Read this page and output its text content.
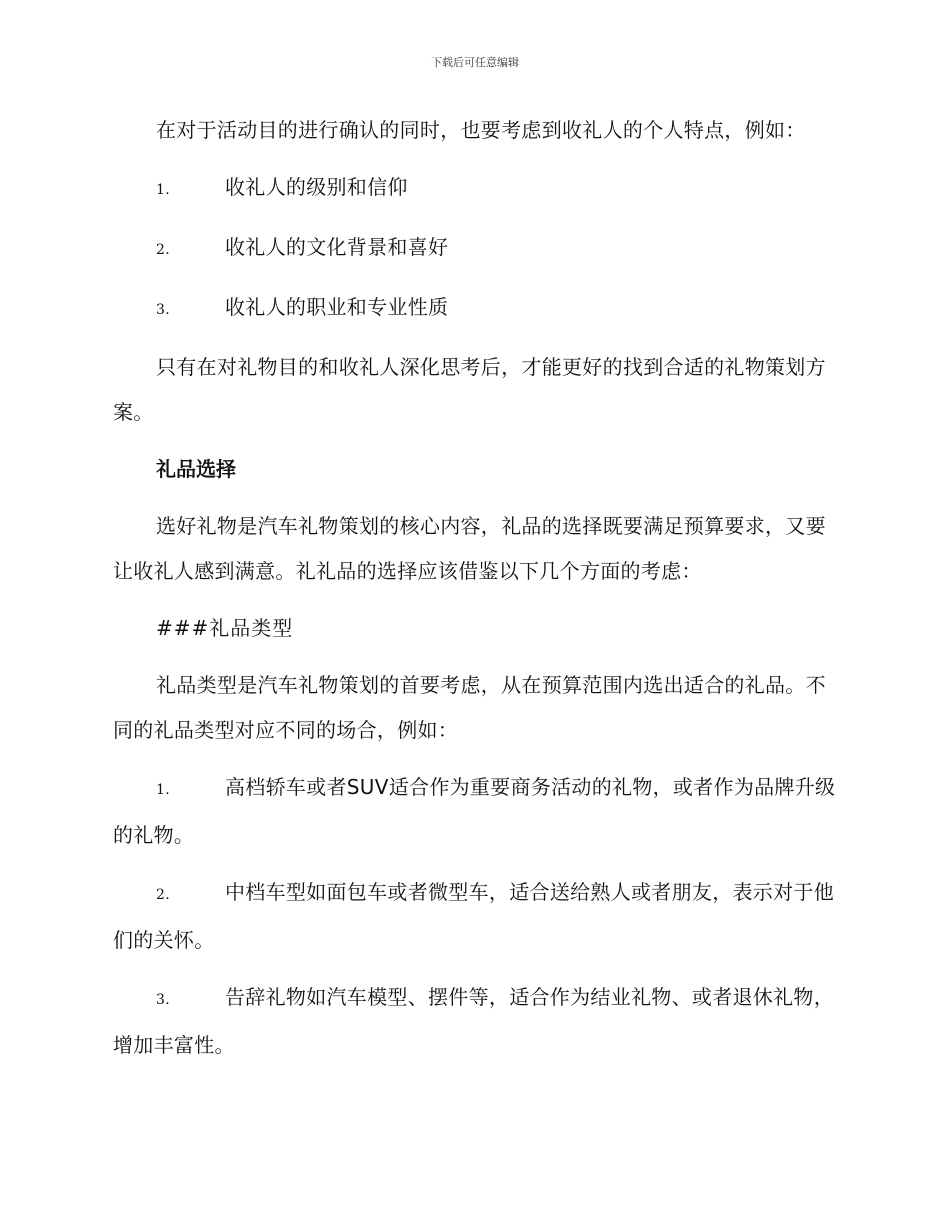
下载后可任意编辑

在对于活动目的进行确认的同时，也要考虑到收礼人的个人特点，例如：

1.	收礼人的级别和信仰
2.	收礼人的文化背景和喜好
3.	收礼人的职业和专业性质

只有在对礼物目的和收礼人深化思考后，才能更好的找到合适的礼物策划方案。

礼品选择

选好礼物是汽车礼物策划的核心内容，礼品的选择既要满足预算要求，又要让收礼人感到满意。礼礼品的选择应该借鉴以下几个方面的考虑：

###礼品类型

礼品类型是汽车礼物策划的首要考虑，从在预算范围内选出适合的礼品。不同的礼品类型对应不同的场合，例如：

1.	高档轿车或者SUV适合作为重要商务活动的礼物，或者作为品牌升级的礼物。
2.	中档车型如面包车或者微型车，适合送给熟人或者朋友，表示对于他们的关怀。
3.	告辞礼物如汽车模型、摆件等，适合作为结业礼物、或者退休礼物，增加丰富性。
